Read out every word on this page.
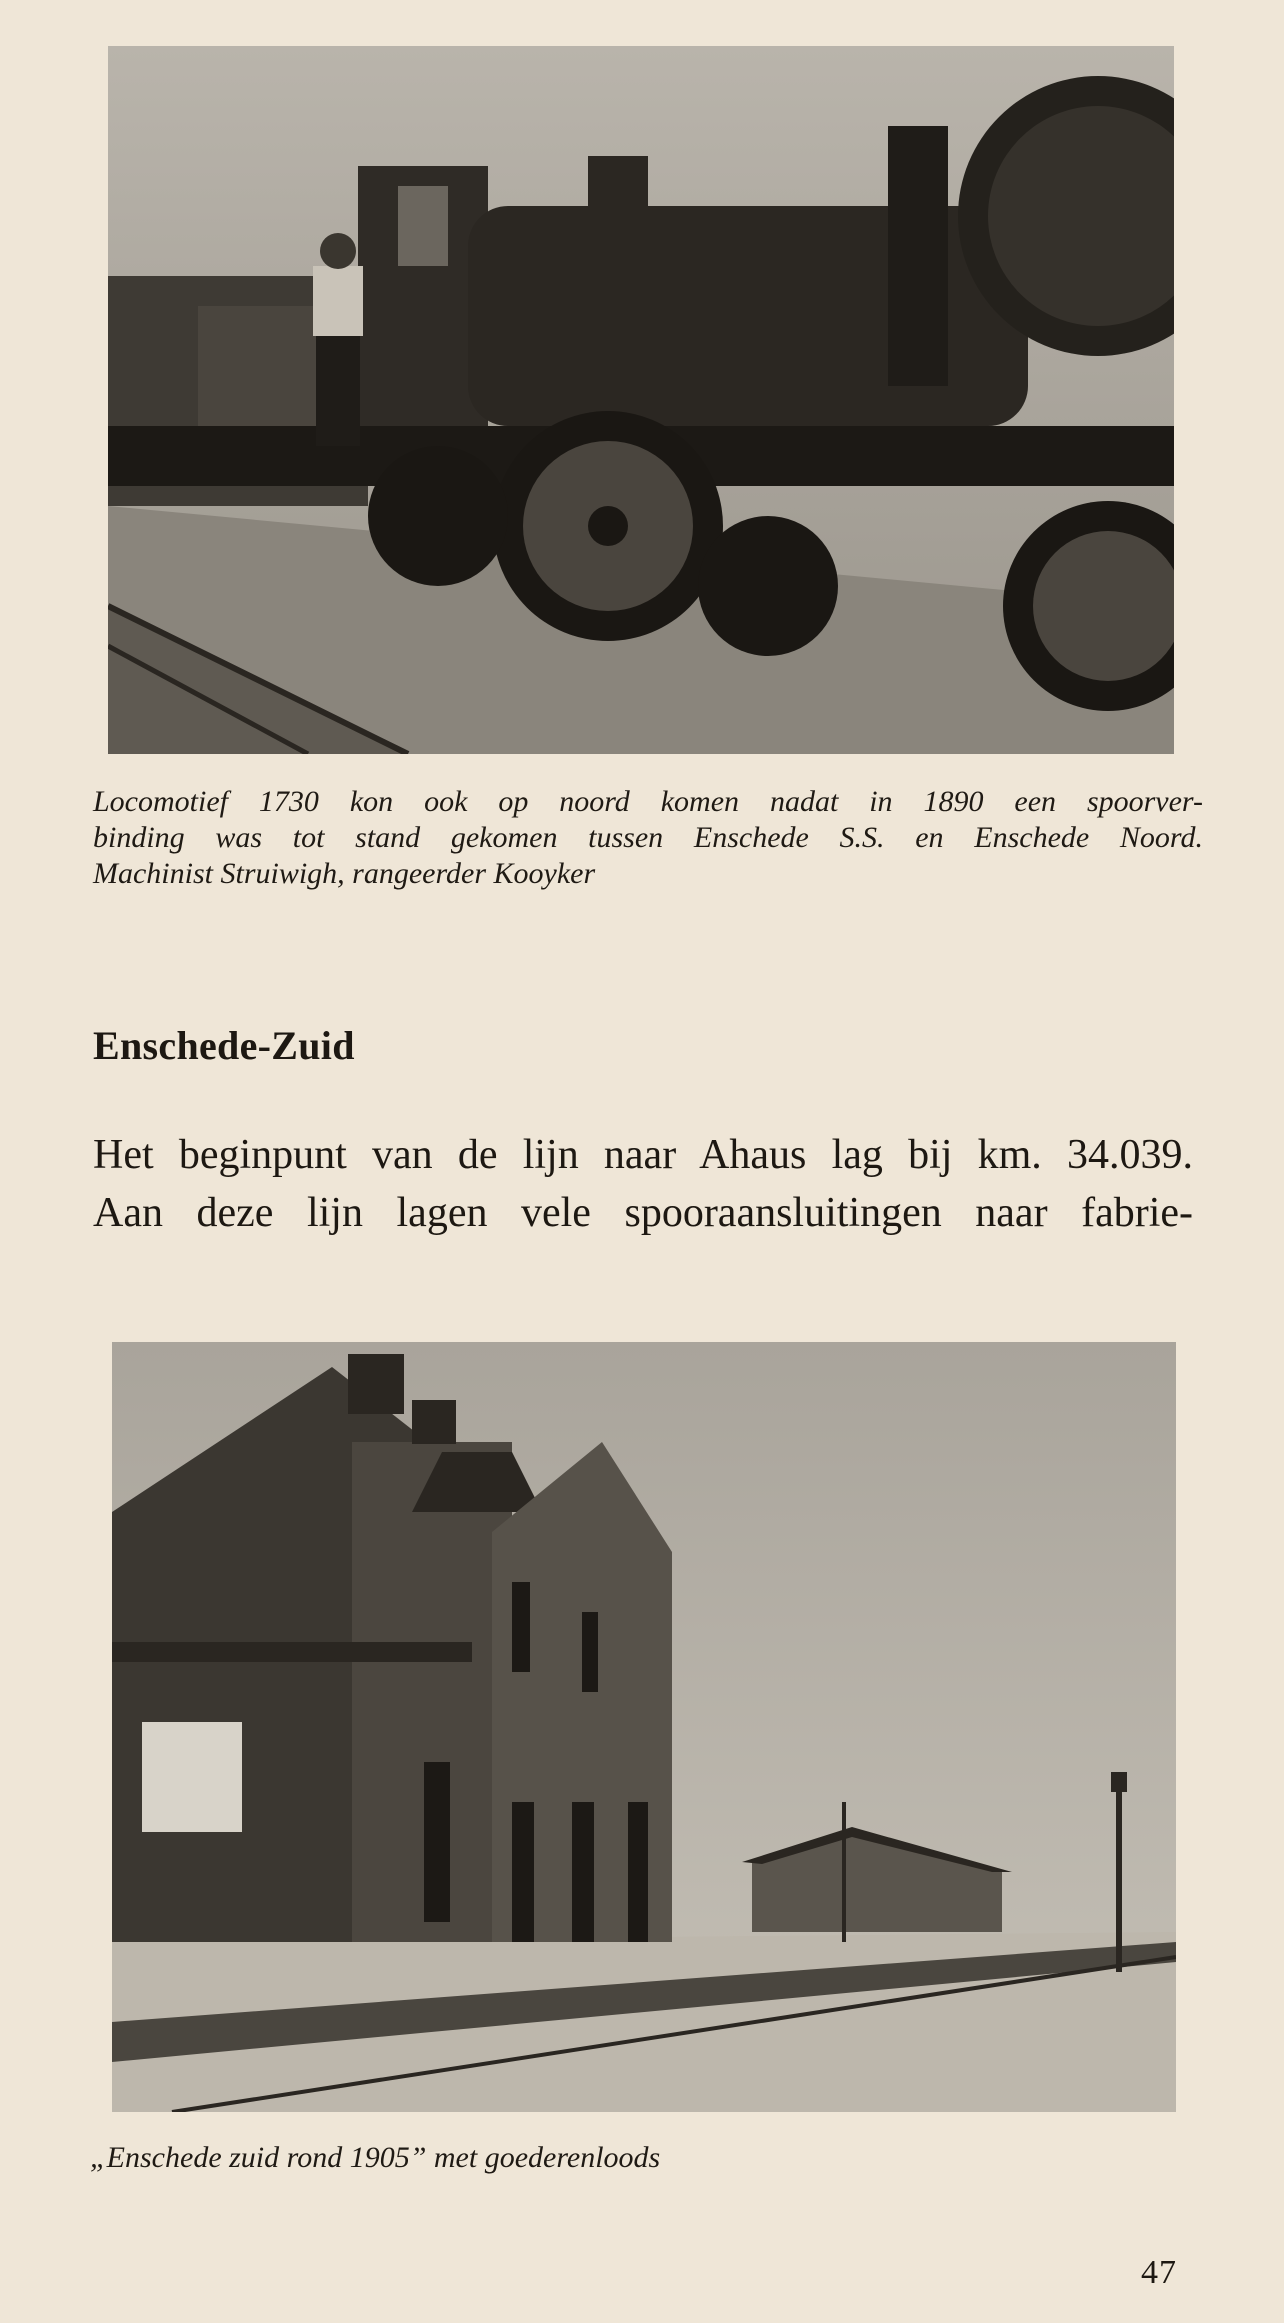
Locomotief 1730 kon ook op noord komen nadat in 1890 een spoorver-
binding was tot stand gekomen tussen Enschede S.S. en Enschede Noord.
Machinist Struiwigh, rangeerder Kooyker
Enschede-Zuid
Het beginpunt van de lijn naar Ahaus lag bij km. 34.039.
Aan deze lijn lagen vele spooraansluitingen naar fabrie-
„Enschede zuid rond 1905” met goederenloods
47
